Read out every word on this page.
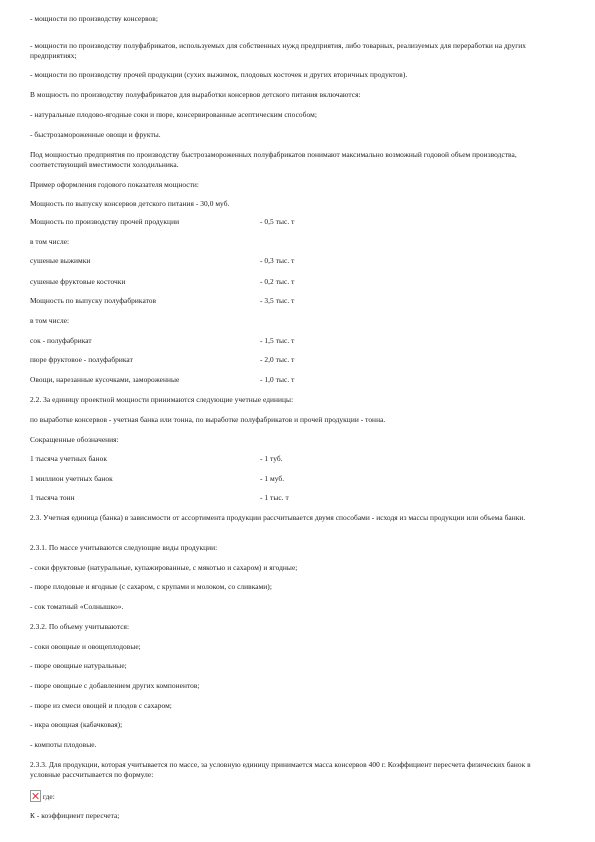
- мощности по производству консервов;

- мощности по производству полуфабрикатов, используемых для собственных нужд предприятия, либо товарных, реализуемых для переработки на других предприятиях;

- мощности по производству прочей продукции (сухих выжимок, плодовых косточек и других вторичных продуктов).

В мощность по производству полуфабрикатов для выработки консервов детского питания включаются:

- натуральные плодово-ягодные соки и пюре, консервированные асептическим способом;

- быстрозамороженные овощи и фрукты.

Под мощностью предприятия по производству быстрозамороженных полуфабрикатов понимают максимально возможный годовой объем производства, соответствующий вместимости холодильника.

Пример оформления годового показателя мощности:

Мощность по выпуску консервов детского питания - 30,0 муб.

Мощность по производству прочей продукции	- 0,5 тыс. т

в том числе:

сушеные выжимки	- 0,3 тыс. т
сушеные фруктовые косточки	- 0,2 тыс. т
Мощность по выпуску полуфабрикатов	- 3,5 тыс. т

в том числе:

сок - полуфабрикат	- 1,5 тыс. т
пюре фруктовое - полуфабрикат	- 2,0 тыс. т
Овощи, нарезанные кусочками, замороженные	- 1,0 тыс. т

2.2. За единицу проектной мощности принимаются следующие учетные единицы:

по выработке консервов - учетная банка или тонна, по выработке полуфабрикатов и прочей продукции - тонна.

Сокращенные обозначения:

1 тысяча учетных банок	- 1 туб.
1 миллион учетных банок	- 1 муб.
1 тысяча тонн	- 1 тыс. т

2.3. Учетная единица (банка) в зависимости от ассортимента продукции рассчитывается двумя способами - исходя из массы продукции или объема банки.

2.3.1. По массе учитываются следующие виды продукции:

- соки фруктовые (натуральные, купажированные, с мякотью и сахаром) и ягодные;

- пюре плодовые и ягодные (с сахаром, с крупами и молоком, со сливками);

- сок томатный «Солнышко».

2.3.2. По объему учитываются:

- соки овощные и овощеплодовые;

- пюре овощные натуральные;

- пюре овощные с добавлением других компонентов;

- пюре из смеси овощей и плодов с сахаром;

- икра овощная (кабачковая);

- компоты плодовые.

2.3.3. Для продукции, которая учитывается по массе, за условную единицу принимается масса консервов 400 г. Коэффициент пересчета физических банок в условные рассчитывается по формуле:

где:

К - коэффициент пересчета;
